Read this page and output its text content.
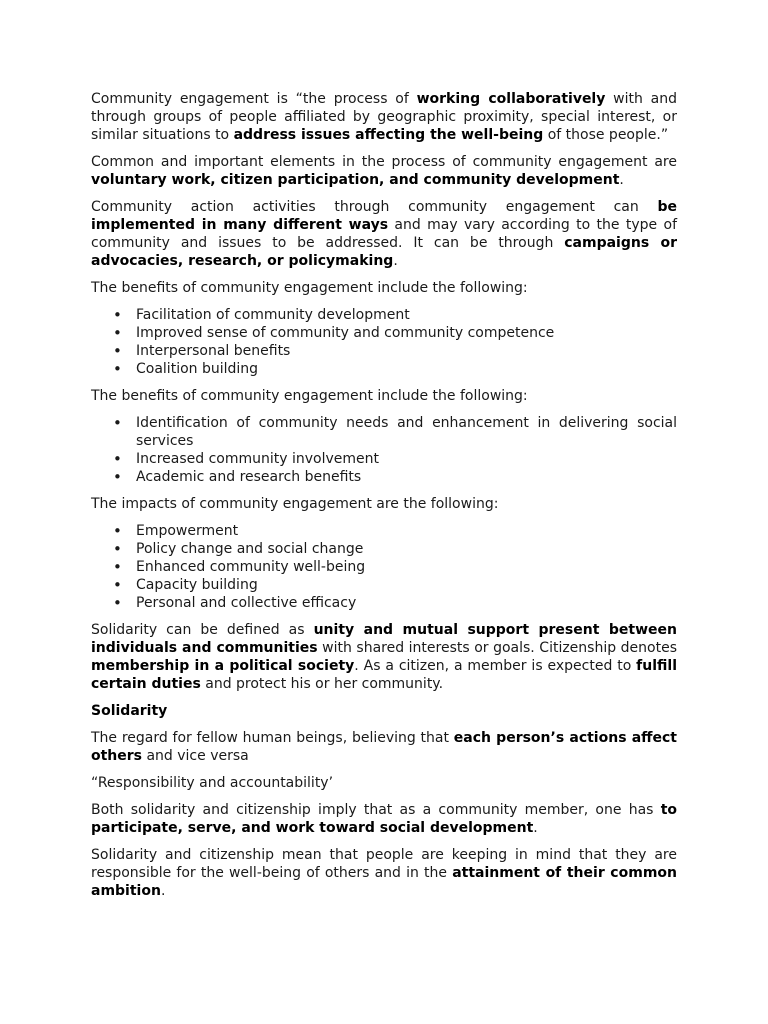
Community engagement is “the process of working collaboratively with and through groups of people affiliated by geographic proximity, special interest, or similar situations to address issues affecting the well-being of those people.”

Common and important elements in the process of community engagement are voluntary work, citizen participation, and community development.

Community action activities through community engagement can be implemented in many different ways and may vary according to the type of community and issues to be addressed. It can be through campaigns or advocacies, research, or policymaking.

The benefits of community engagement include the following:

• Facilitation of community development
• Improved sense of community and community competence
• Interpersonal benefits
• Coalition building

The benefits of community engagement include the following:

• Identification of community needs and enhancement in delivering social services
• Increased community involvement
• Academic and research benefits

The impacts of community engagement are the following:

• Empowerment
• Policy change and social change
• Enhanced community well-being
• Capacity building
• Personal and collective efficacy

Solidarity can be defined as unity and mutual support present between individuals and communities with shared interests or goals. Citizenship denotes membership in a political society. As a citizen, a member is expected to fulfill certain duties and protect his or her community.

Solidarity

The regard for fellow human beings, believing that each person’s actions affect others and vice versa

“Responsibility and accountability’

Both solidarity and citizenship imply that as a community member, one has to participate, serve, and work toward social development.

Solidarity and citizenship mean that people are keeping in mind that they are responsible for the well-being of others and in the attainment of their common ambition.
